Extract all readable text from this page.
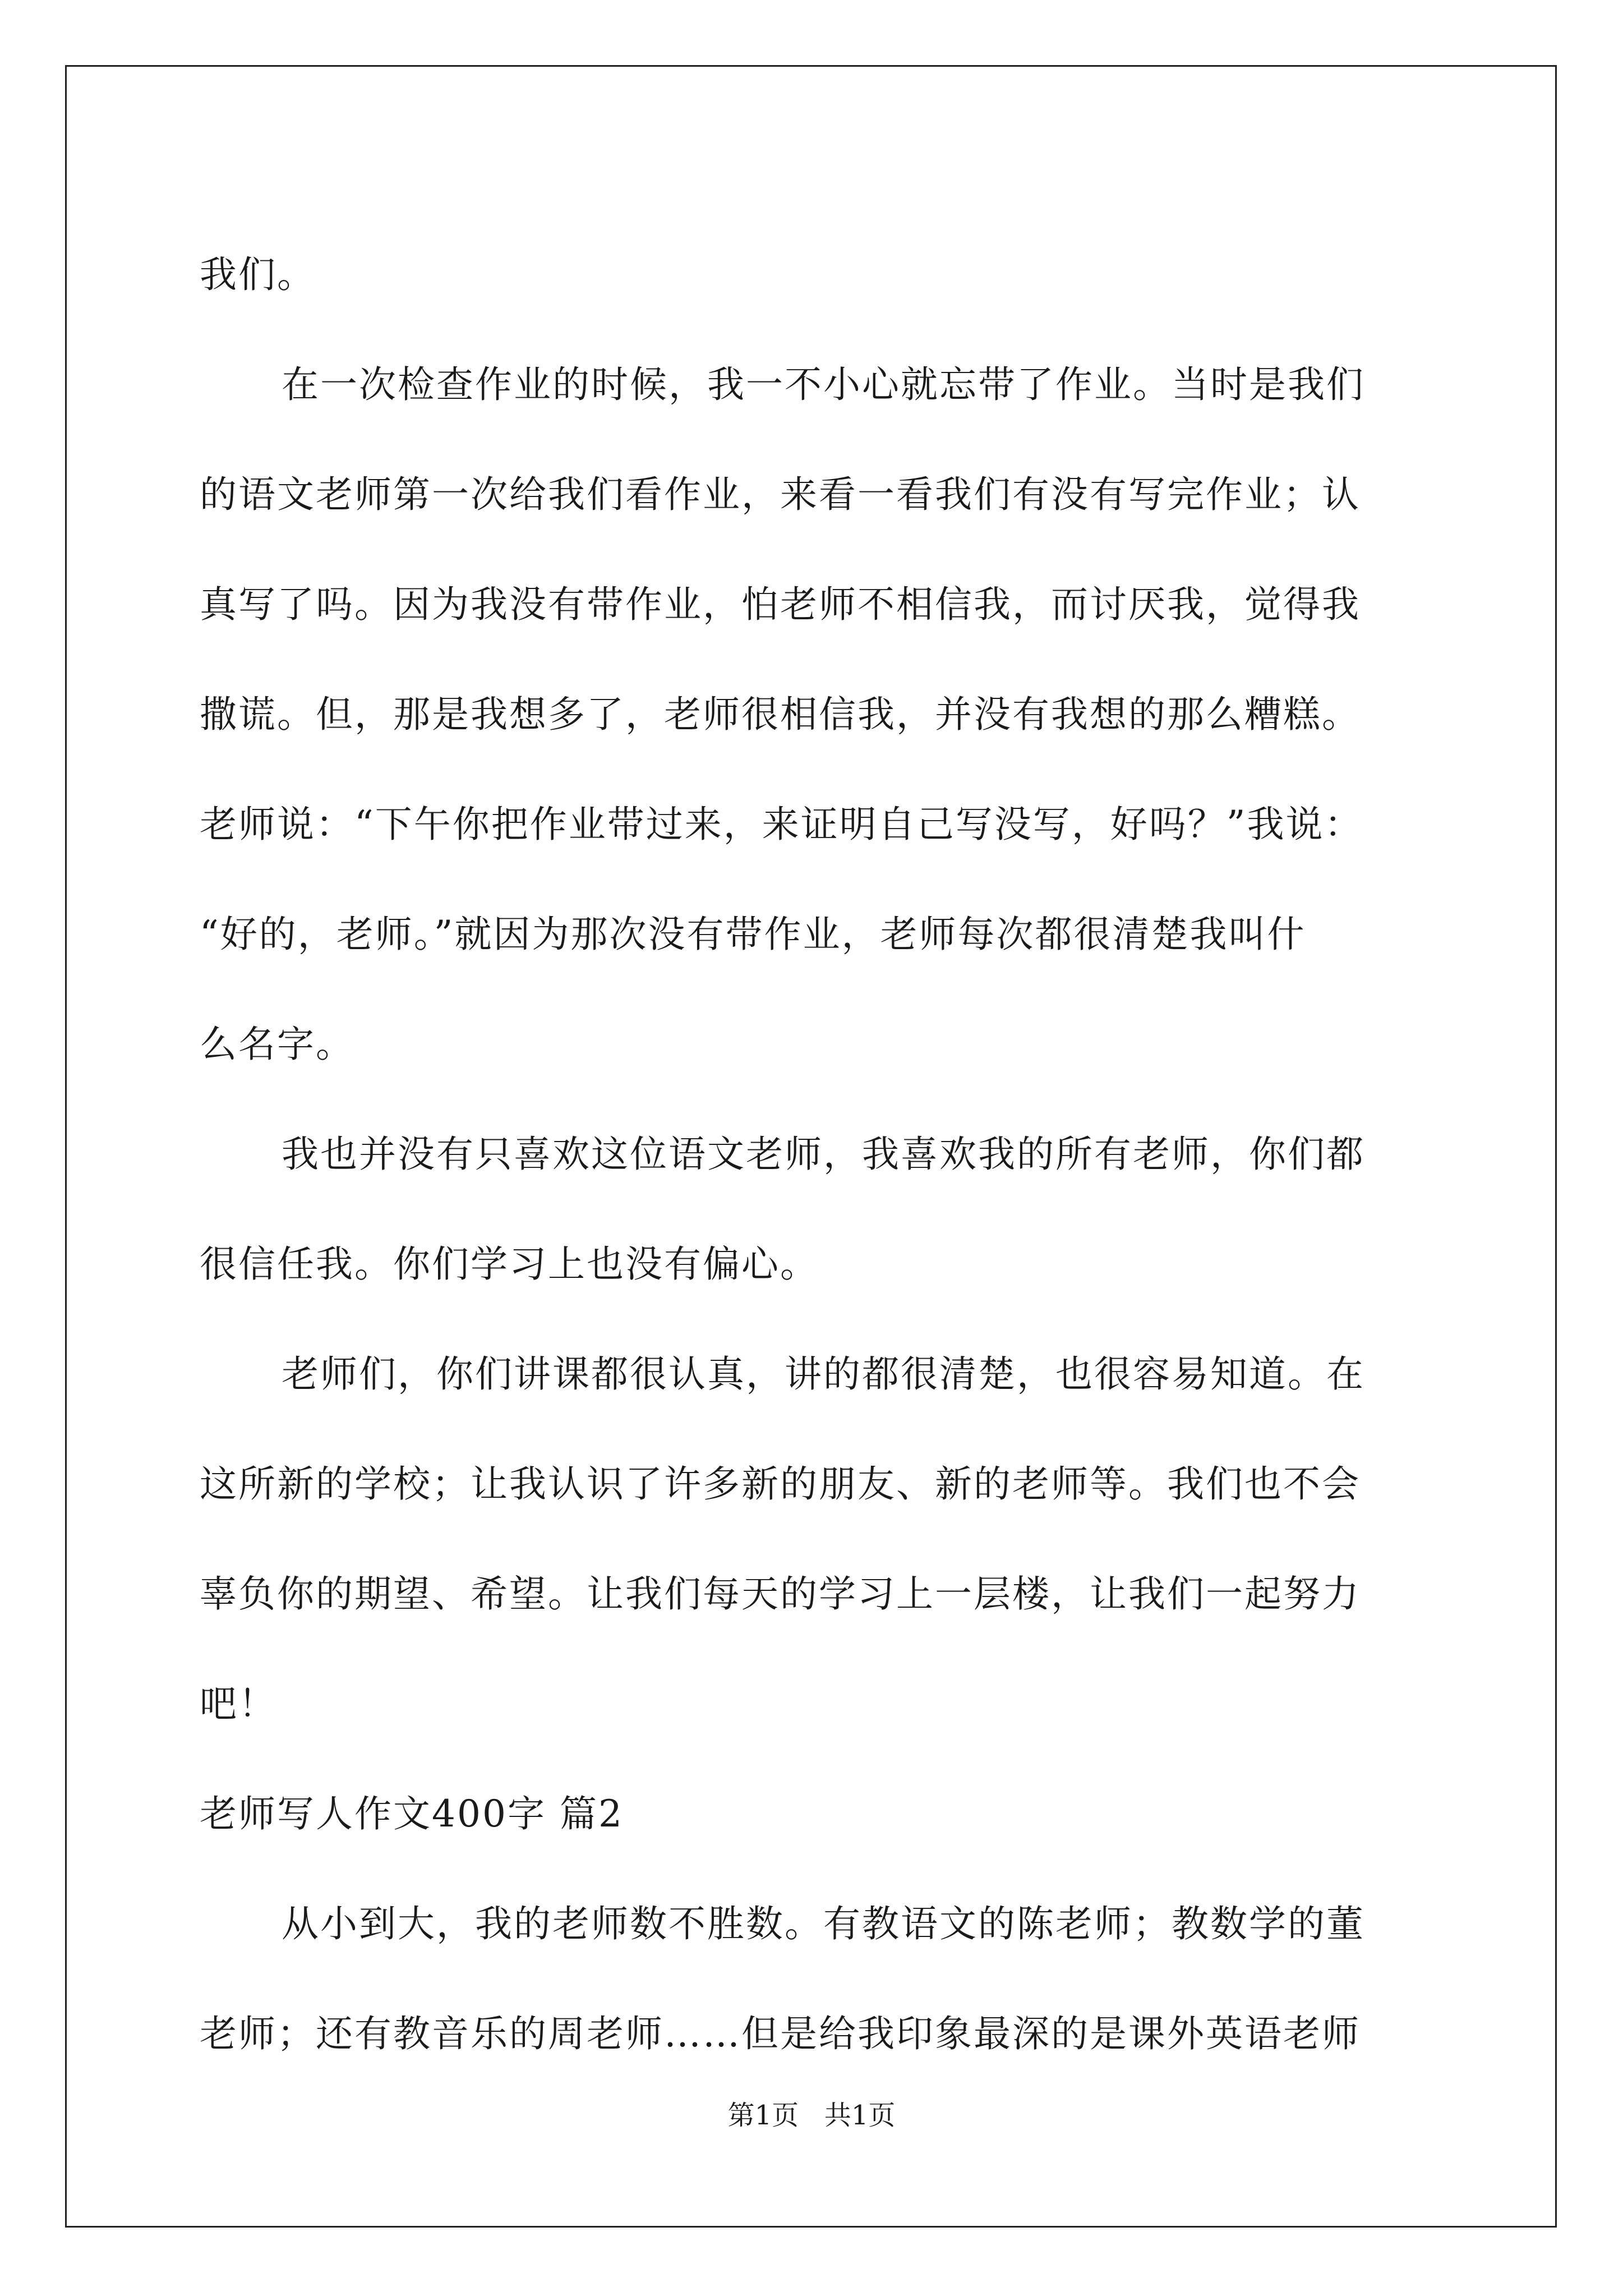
我们。
在一次检查作业的时候，我一不小心就忘带了作业。当时是我们
的语文老师第一次给我们看作业，来看一看我们有没有写完作业；认
真写了吗。因为我没有带作业，怕老师不相信我，而讨厌我，觉得我
撒谎。但，那是我想多了，老师很相信我，并没有我想的那么糟糕。
老师说：“下午你把作业带过来，来证明自己写没写，好吗？”我说：
“好的，老师。”就因为那次没有带作业，老师每次都很清楚我叫什
么名字。
我也并没有只喜欢这位语文老师，我喜欢我的所有老师，你们都
很信任我。你们学习上也没有偏心。
老师们，你们讲课都很认真，讲的都很清楚，也很容易知道。在
这所新的学校；让我认识了许多新的朋友、新的老师等。我们也不会
辜负你的期望、希望。让我们每天的学习上一层楼，让我们一起努力
吧！
老师写人作文400字 篇2
从小到大，我的老师数不胜数。有教语文的陈老师；教数学的董
老师；还有教音乐的周老师……但是给我印象最深的是课外英语老师
第1页   共1页
